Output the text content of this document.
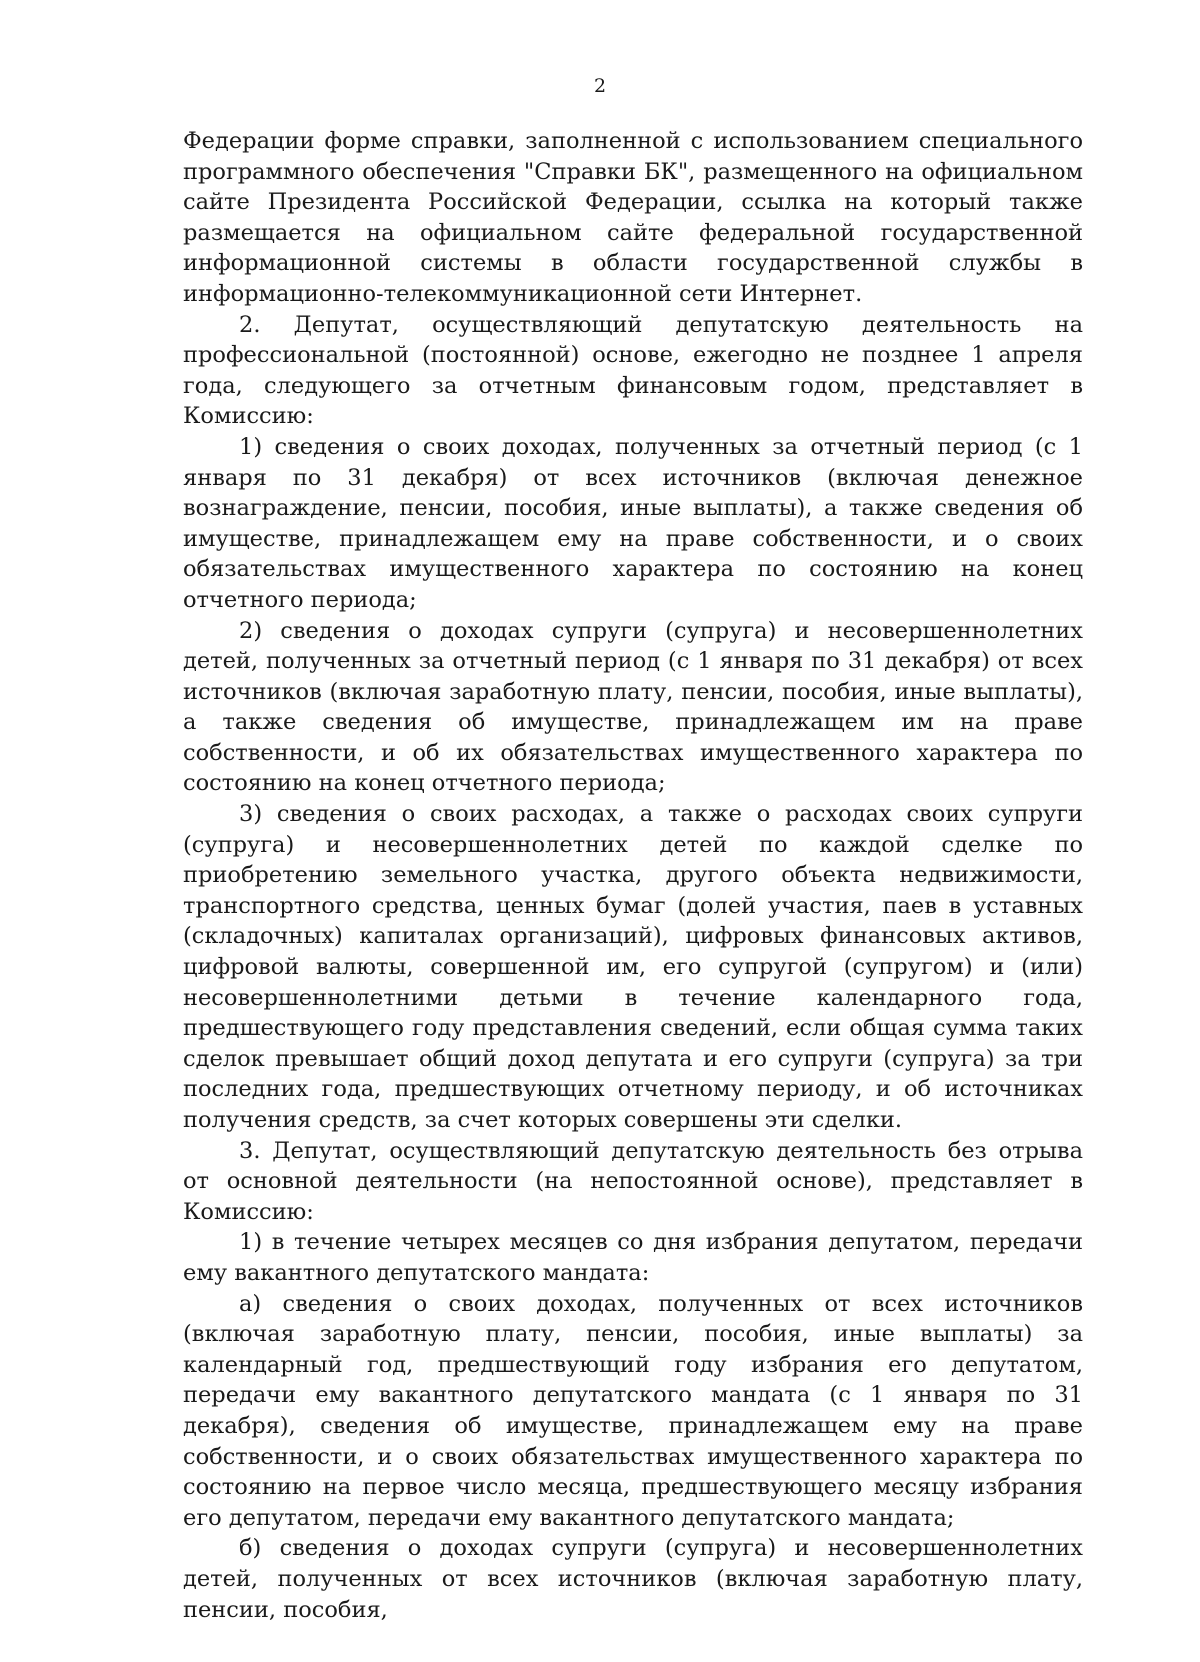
2

Федерации форме справки, заполненной с использованием специального программного обеспечения "Справки БК", размещенного на официальном сайте Президента Российской Федерации, ссылка на который также размещается на официальном сайте федеральной государственной информационной системы в области государственной службы в информационно-телекоммуникационной сети Интернет.

2. Депутат, осуществляющий депутатскую деятельность на профессиональной (постоянной) основе, ежегодно не позднее 1 апреля года, следующего за отчетным финансовым годом, представляет в Комиссию:

1) сведения о своих доходах, полученных за отчетный период (с 1 января по 31 декабря) от всех источников (включая денежное вознаграждение, пенсии, пособия, иные выплаты), а также сведения об имуществе, принадлежащем ему на праве собственности, и о своих обязательствах имущественного характера по состоянию на конец отчетного периода;

2) сведения о доходах супруги (супруга) и несовершеннолетних детей, полученных за отчетный период (с 1 января по 31 декабря) от всех источников (включая заработную плату, пенсии, пособия, иные выплаты), а также сведения об имуществе, принадлежащем им на праве собственности, и об их обязательствах имущественного характера по состоянию на конец отчетного периода;

3) сведения о своих расходах, а также о расходах своих супруги (супруга) и несовершеннолетних детей по каждой сделке по приобретению земельного участка, другого объекта недвижимости, транспортного средства, ценных бумаг (долей участия, паев в уставных (складочных) капиталах организаций), цифровых финансовых активов, цифровой валюты, совершенной им, его супругой (супругом) и (или) несовершеннолетними детьми в течение календарного года, предшествующего году представления сведений, если общая сумма таких сделок превышает общий доход депутата и его супруги (супруга) за три последних года, предшествующих отчетному периоду, и об источниках получения средств, за счет которых совершены эти сделки.

3. Депутат, осуществляющий депутатскую деятельность без отрыва от основной деятельности (на непостоянной основе), представляет в Комиссию:

1) в течение четырех месяцев со дня избрания депутатом, передачи ему вакантного депутатского мандата:

а) сведения о своих доходах, полученных от всех источников (включая заработную плату, пенсии, пособия, иные выплаты) за календарный год, предшествующий году избрания его депутатом, передачи ему вакантного депутатского мандата (с 1 января по 31 декабря), сведения об имуществе, принадлежащем ему на праве собственности, и о своих обязательствах имущественного характера по состоянию на первое число месяца, предшествующего месяцу избрания его депутатом, передачи ему вакантного депутатского мандата;

б) сведения о доходах супруги (супруга) и несовершеннолетних детей, полученных от всех источников (включая заработную плату, пенсии, пособия,
